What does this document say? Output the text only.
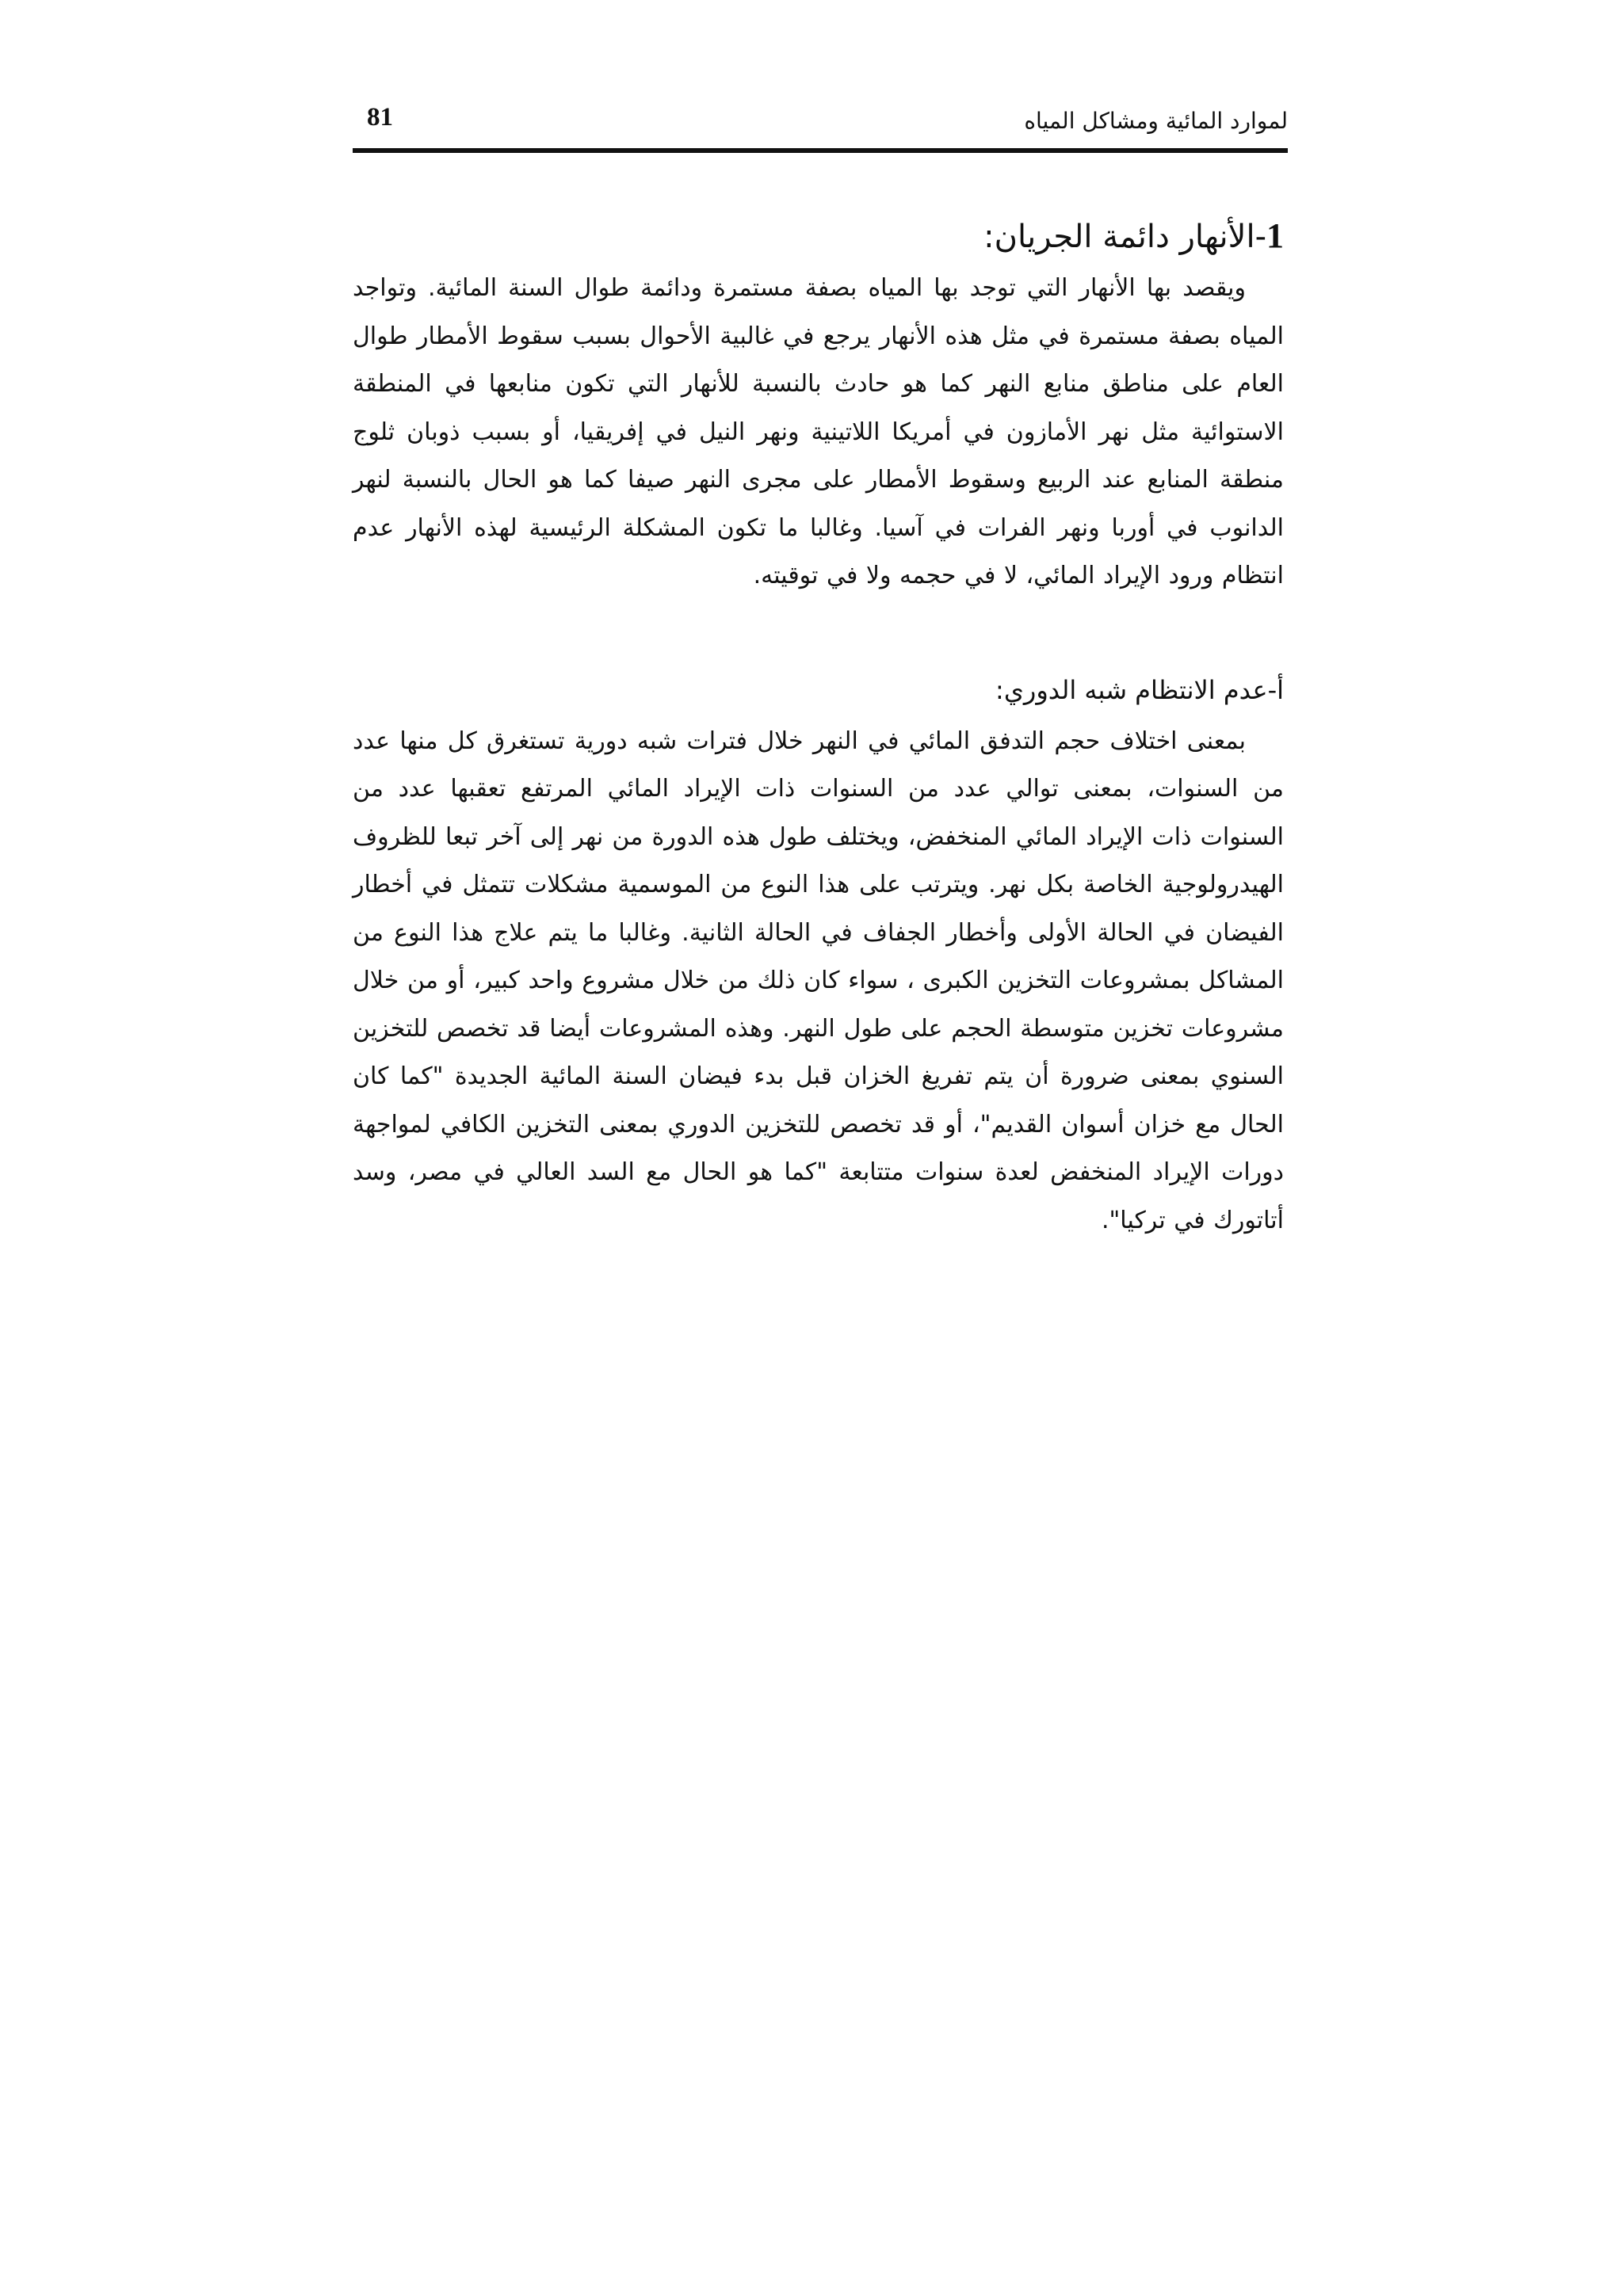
لموارد المائية ومشاكل المياه
81
1-الأنهار دائمة الجريان:

ويقصد بها الأنهار التي توجد بها المياه بصفة مستمرة ودائمة طوال السنة المائية. وتواجد المياه بصفة مستمرة في مثل هذه الأنهار يرجع في غالبية الأحوال بسبب سقوط الأمطار طوال العام على مناطق منابع النهر كما هو حادث بالنسبة للأنهار التي تكون منابعها في المنطقة الاستوائية مثل نهر الأمازون في أمريكا اللاتينية ونهر النيل في إفريقيا، أو بسبب ذوبان ثلوج منطقة المنابع عند الربيع وسقوط الأمطار على مجرى النهر صيفا كما هو الحال بالنسبة لنهر الدانوب في أوربا ونهر الفرات في آسيا. وغالبا ما تكون المشكلة الرئيسية لهذه الأنهار عدم انتظام ورود الإيراد المائي، لا في حجمه ولا في توقيته.

أ-عدم الانتظام شبه الدوري:

بمعنى اختلاف حجم التدفق المائي في النهر خلال فترات شبه دورية تستغرق كل منها عدد من السنوات، بمعنى توالي عدد من السنوات ذات الإيراد المائي المرتفع تعقبها عدد من السنوات ذات الإيراد المائي المنخفض، ويختلف طول هذه الدورة من نهر إلى آخر تبعا للظروف الهيدرولوجية الخاصة بكل نهر. ويترتب على هذا النوع من الموسمية مشكلات تتمثل في أخطار الفيضان في الحالة الأولى وأخطار الجفاف في الحالة الثانية. وغالبا ما يتم علاج هذا النوع من المشاكل بمشروعات التخزين الكبرى ، سواء كان ذلك من خلال مشروع واحد كبير، أو من خلال مشروعات تخزين متوسطة الحجم على طول النهر. وهذه المشروعات أيضا قد تخصص للتخزين السنوي بمعنى ضرورة أن يتم تفريغ الخزان قبل بدء فيضان السنة المائية الجديدة "كما كان الحال مع خزان أسوان القديم"، أو قد تخصص للتخزين الدوري بمعنى التخزين الكافي لمواجهة دورات الإيراد المنخفض لعدة سنوات متتابعة "كما هو الحال مع السد العالي في مصر، وسد أتاتورك في تركيا".
